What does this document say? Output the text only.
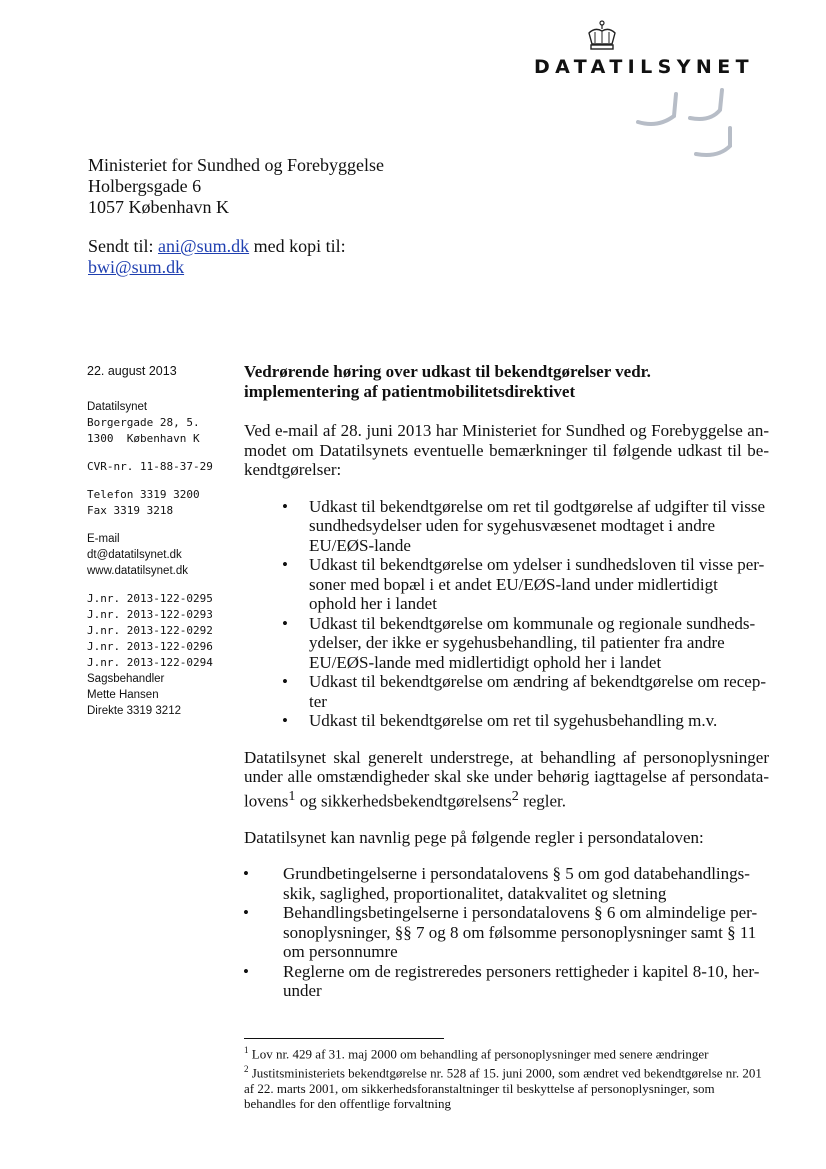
DATATILSYNET
Ministeriet for Sundhed og Forebyggelse
Holbergsgade 6
1057 København K
Sendt til: ani@sum.dk med kopi til:
bwi@sum.dk
22. august 2013
Datatilsynet
Borgergade 28, 5.
1300  København K
CVR-nr. 11-88-37-29
Telefon 3319 3200
Fax 3319 3218
E-mail
dt@datatilsynet.dk
www.datatilsynet.dk
J.nr. 2013-122-0295
J.nr. 2013-122-0293
J.nr. 2013-122-0292
J.nr. 2013-122-0296
J.nr. 2013-122-0294
Sagsbehandler
Mette Hansen
Direkte 3319 3212
Vedrørende høring over udkast til bekendtgørelser vedr. implementering af patientmobilitetsdirektivet

Ved e-mail af 28. juni 2013 har Ministeriet for Sundhed og Forebyggelse an-modet om Datatilsynets eventuelle bemærkninger til følgende udkast til be-kendtgørelser:

• Udkast til bekendtgørelse om ret til godtgørelse af udgifter til visse sundhedsydelser uden for sygehusvæsenet modtaget i andre EU/EØS-lande
• Udkast til bekendtgørelse om ydelser i sundhedsloven til visse per-soner med bopæl i et andet EU/EØS-land under midlertidigt ophold her i landet
• Udkast til bekendtgørelse om kommunale og regionale sundheds-ydelser, der ikke er sygehusbehandling, til patienter fra andre EU/EØS-lande med midlertidigt ophold her i landet
• Udkast til bekendtgørelse om ændring af bekendtgørelse om recep-ter
• Udkast til bekendtgørelse om ret til sygehusbehandling m.v.

Datatilsynet skal generelt understrege, at behandling af personoplysninger under alle omstændigheder skal ske under behørig iagttagelse af persondata-lovens$^1$ og sikkerhedsbekendtgørelsens$^2$ regler.

Datatilsynet kan navnlig pege på følgende regler i persondataloven:

• Grundbetingelserne i persondatalovens § 5 om god databehandlings-skik, saglighed, proportionalitet, datakvalitet og sletning
• Behandlingsbetingelserne i persondatalovens § 6 om almindelige per-sonoplysninger, §§ 7 og 8 om følsomme personoplysninger samt § 11 om personnumre
• Reglerne om de registreredes personers rettigheder i kapitel 8-10, her-under
$^1$ Lov nr. 429 af 31. maj 2000 om behandling af personoplysninger med senere ændringer
$^2$ Justitsministeriets bekendtgørelse nr. 528 af 15. juni 2000, som ændret ved bekendtgørelse nr. 201 af 22. marts 2001, om sikkerhedsforanstaltninger til beskyttelse af personoplysninger, som behandles for den offentlige forvaltning
